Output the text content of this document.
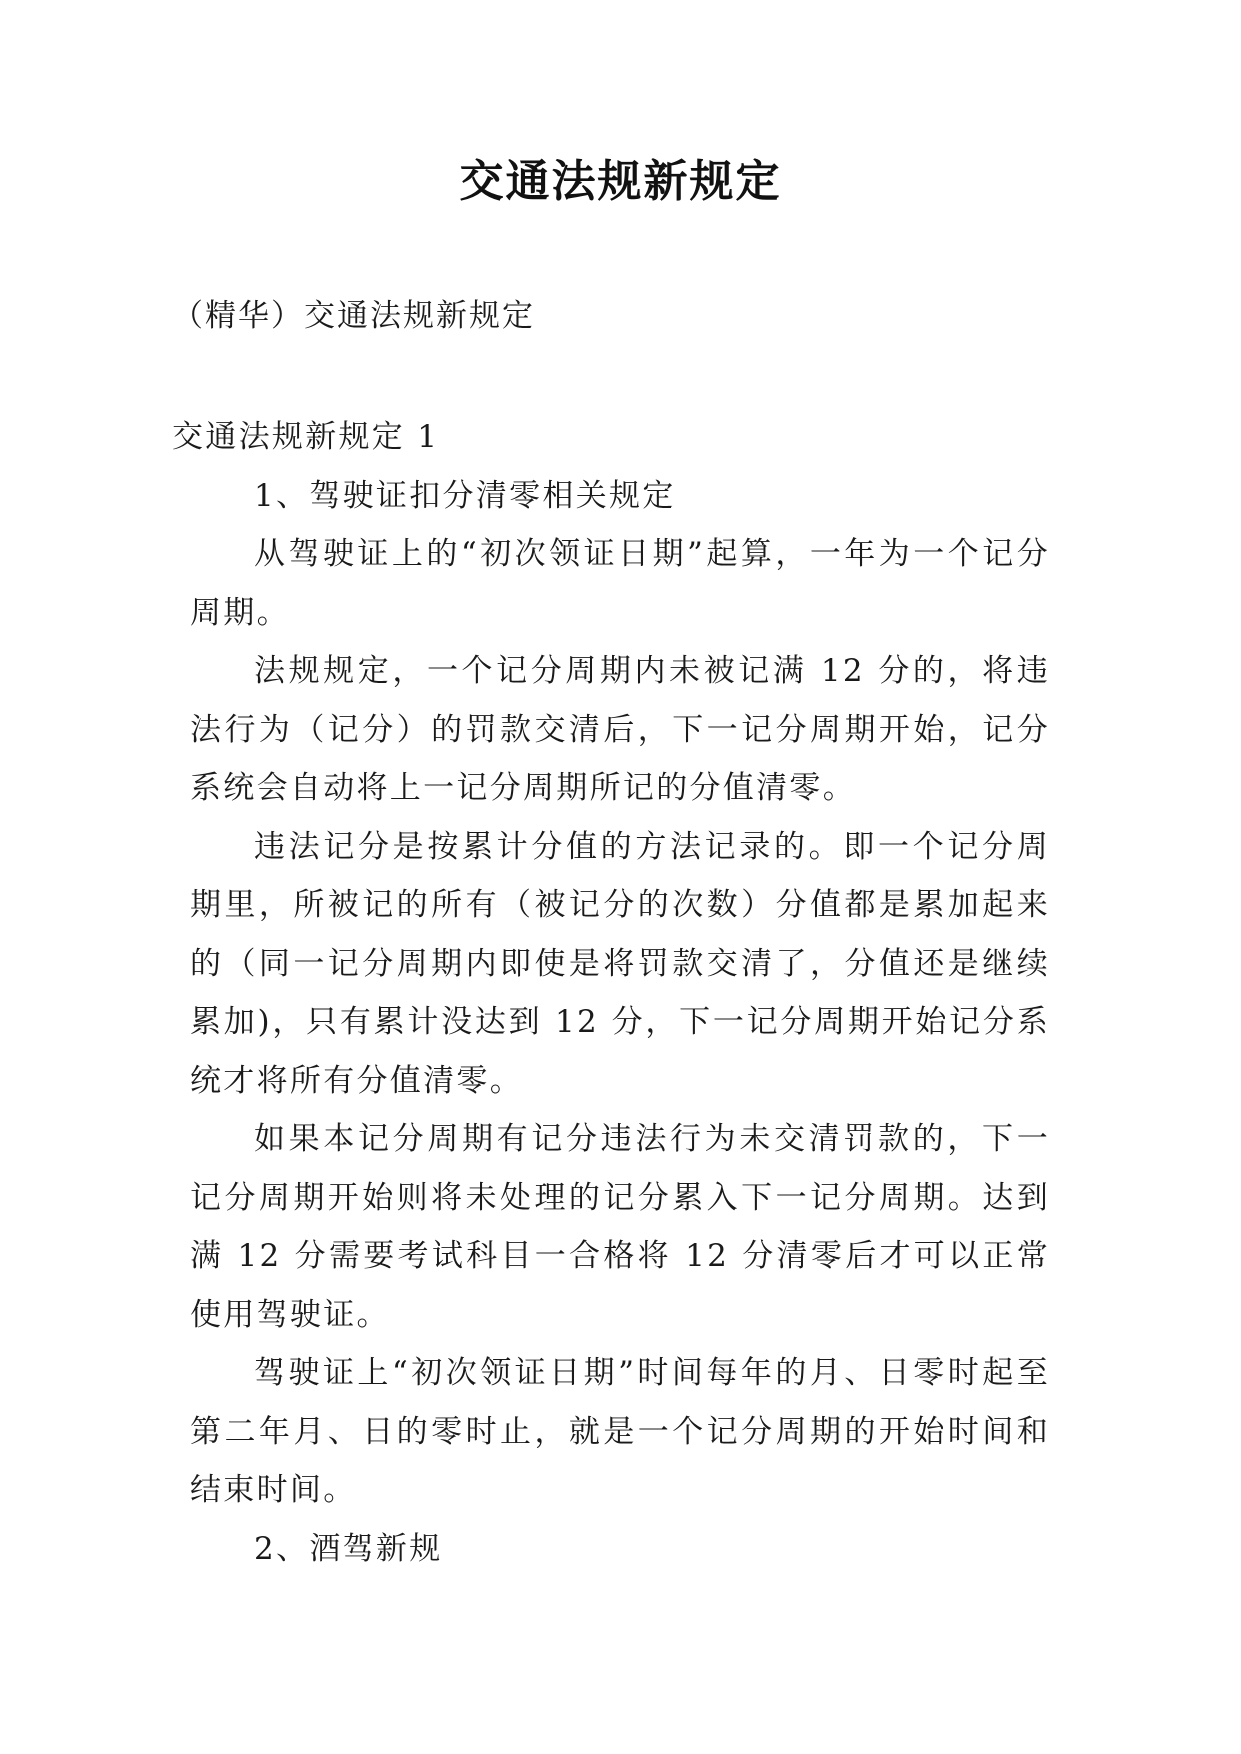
交通法规新规定
（精华）交通法规新规定

交通法规新规定 1

1、驾驶证扣分清零相关规定

从驾驶证上的“初次领证日期”起算，一年为一个记分周期。

法规规定，一个记分周期内未被记满 12 分的，将违法行为（记分）的罚款交清后，下一记分周期开始，记分系统会自动将上一记分周期所记的分值清零。

违法记分是按累计分值的方法记录的。即一个记分周期里，所被记的所有（被记分的次数）分值都是累加起来的（同一记分周期内即使是将罚款交清了，分值还是继续累加)，只有累计没达到 12 分，下一记分周期开始记分系统才将所有分值清零。

如果本记分周期有记分违法行为未交清罚款的，下一记分周期开始则将未处理的记分累入下一记分周期。达到满 12 分需要考试科目一合格将 12 分清零后才可以正常使用驾驶证。

驾驶证上“初次领证日期”时间每年的月、日零时起至第二年月、日的零时止，就是一个记分周期的开始时间和结束时间。

2、酒驾新规
